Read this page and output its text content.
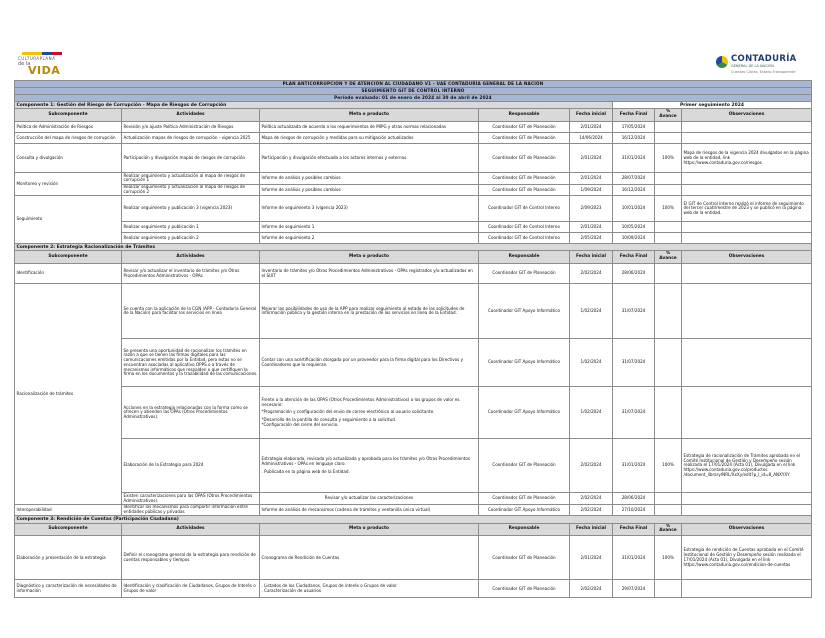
CULTURAPLANA
de la
VIDA
CONTADURÍA
GENERAL DE LA NACIÓN
Cuentas Claras, Estado Transparente
PLAN ANTICORRUPCIÓN Y DE ATENCIÓN AL CIUDADANO V1 - UAE CONTADURÍA GENERAL DE LA NACIÓN							
SEGUIMIENTO GIT DE CONTROL INTERNO							
Período evaluado: 01 de enero de 2024 al 30 de abril de 2024							
Componente 1: Gestión del Riesgo de Corrupción - Mapa de Riesgos de Corrupción					Primer seguimiento 2024		
Subcomponente	Actividades	Meta o producto	Responsable	Fecha inicial	Fecha Final	% Avance	Observaciones
Política de Administración de Riesgos	Revisión y/o ajuste Política Administración de Riesgos	Política actualizada de acuerdo a los requerimientos de MIPG y otras normas relacionadas	Coordinador GIT de Planeación	2/01/2024	17/05/2024		
Construcción del mapa de riesgos de corrupción	Actualización mapas de riesgos de corrupción - vigencia 2025	Mapa de riesgos de corrupción y medidas para su mitigación actualizados	Coordinador GIT de Planeación	14/06/2024	16/12/2024		
Consulta y divulgación	Participación y divulgación mapas de riesgos de corrupción	Participación y divulgación efectuada a los actores internos y externos.	Coordinador GIT de Planeación	2/01/2024	31/01/2024	100%	Mapa de riesgos de la vigencia 2024 divulgados en la página web de la entidad, link https://www.contaduria.gov.co/riesgos
Monitoreo y revisión	Realizar seguimiento y actualización al mapa de riesgos de corrupción 1	Informe de análisis y posibles cambios	Coordinador GIT de Planeación	2/01/2024	28/07/2024		
	Realizar seguimiento y actualización al mapa de riesgos de corrupción 2	Informe de análisis y posibles cambios	Coordinador GIT de Planeación	1/09/2024	16/12/2024		
Seguimiento	Realizar seguimiento y publicación 3 (vigencia 2023)	Informe de seguimiento 3 (vigencia 2023)	Coordinador GIT de Control Interno	2/09/2023	10/01/2024	100%	El GIT de Control Interno realizó el informe de seguimiento del tercer cuatrimestre de 2023 y se publicó en la página web de la entidad.
	Realizar seguimiento y publicación 1	Informe de seguimiento 1	Coordinador GIT de Control Interno	2/01/2024	10/05/2024		
	Realizar seguimiento y publicación 2	Informe de seguimiento 2	Coordinador GIT de Control Interno	2/05/2024	10/09/2024		
Componente 2: Estrategia Racionalización de Trámites							
Subcomponente	Actividades	Meta o producto	Responsable	Fecha inicial	Fecha Final	% Avance	Observaciones
Identificación	Revisar y/o actualizar el inventario de trámites y/o Otros Procedimientos Administrativos - OPAs	Inventario de trámites y/o Otros Procedimientos Administrativos - OPAs registrados y/o actualizados en el SUIT	Coordinador GIT de Planeación	2/02/2024	28/06/2024		
Racionalización de trámites	Se cuenta con la aplicación de la CGN (APP - Contaduría General de la Nación) para facilitar los servicios en línea	Mejorar las posibilidades de uso de la APP para realizar seguimiento al estado de las solicitudes de información pública y la gestión interna en la prestación de los servicios en línea de la Entidad.	Coordinador GIT Apoyo Informático	1/02/2024	31/07/2024		
	Se presenta una oportunidad de racionalizar los trámites en razón a que se tienen las firmas digitales para las comunicaciones emitidas por la Entidad, pero estas no se encuentran asociadas al aplicativo OPPS o a través de mecanismos informáticos que respalden o que certifiquen la firma en los documentos y la trazabilidad de las comunicaciones.	Contar con una acertificación otorgada por un proveedor para la firma digital para los Directivos y Coordinadores que lo requieran.	Coordinador GIT Apoyo Informático	1/02/2024	31/07/2024		
	Acciones en la estrategia relacionadas con la forma como se ofrecen y atienden las OPAs (Otros Procedimientos Administrativos).	Frente a la atención de las OPAS (Otros Procedimientos Administrativos) a los grupos de valor es necesario:
*Programación y configuración del envío de correo electrónico al usuario solicitante.
*Desarrollo de la pantilla de consulta y seguimiento a la solicitud.
*Configuración del cierre del servicio.	Coordinador GIT Apoyo Informático	1/02/2024	31/07/2024		
	Elaboración de la Estrategia para 2024	Estrategia elaborada, revisada y/o actualizada y aprobada para los trámites y/o Otros Procedimientos Administrativos - OPAs en lenguaje claro.
. Publicada en la página web de la Entidad.	Coordinador GIT de Planeación	2/02/2024	31/01/2024	100%	Estrategia de racionalización de Trámites aprobada en el Comité Institucional de Gestión y Desempeño sesión realizada el 17/01/2024 (Acta 01), Divulgada en el link https://www.contaduria.gov.co/productos /document_library/NRL/XxXy/edit?p_l_id=8_ANXYXY
	Existen caracterizaciones para las OPAS (Otros Procedimientos Administrativos).	Revisar y/o actualizar las caracterizaciones	Coordinador GIT de Planeación	2/02/2024	28/06/2024		
Interoperabilidad	Identificar los mecanismos para compartir información entre entidades públicas y privadas	Informe de análisis de mecanismos (cadena de trámites y ventanilla única virtual)	Coordinador GIT Apoyo Informático	2/02/2024	27/10/2024		
Componente 3: Rendición de Cuentas (Participación Ciudadana)							
Subcomponente	Actividades	Meta o producto	Responsable	Fecha inicial	Fecha Final	% Avance	Observaciones
Elaboración y presentación de la estrategia	Definir el cronograma general de la estrategia para rendición de cuentas responsables y tiempos	Cronograma de Rendición de Cuentas	Coordinador GIT de Planeación	2/01/2024	31/01/2024	100%	Estrategia de rendición de Cuentas aprobada en el Comité Institucional de Gestión y Desempeño sesión realizada el 17/01/2024 (Acta 01), Divulgada en el link https://www.contaduria.gov.co/rendicion-de-cuentas
Diagnóstico y caracterización de necesidades de información	Identificación y clasificación de Ciudadanos, Grupos de Interés o Grupos de valor	. Listados de los Ciudadanos, Grupos de interés o Grupos de valor
. Caracterización de usuarios	Coordinador GIT de Planeación	2/02/2024	29/07/2024		
